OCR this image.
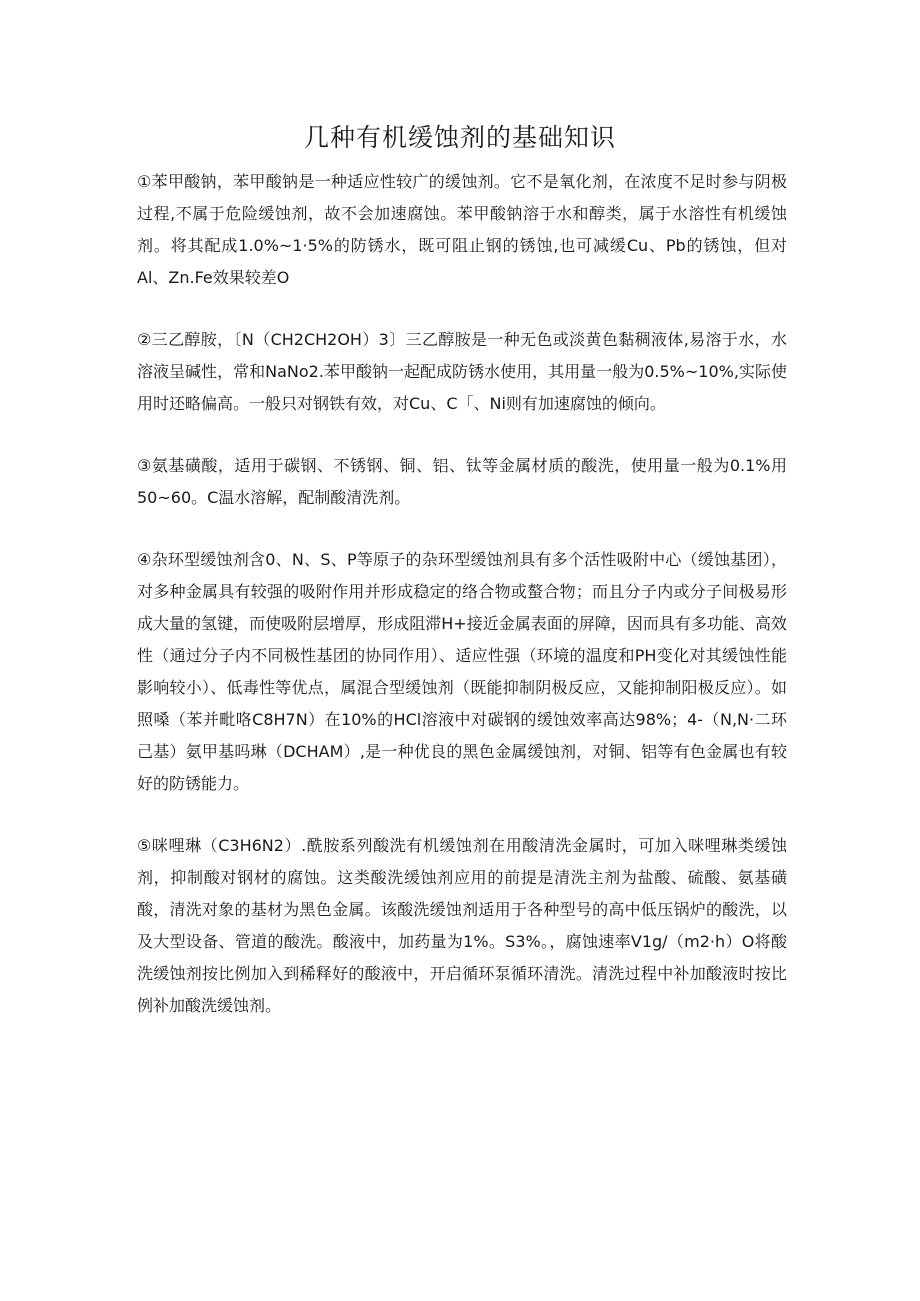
几种有机缓蚀剂的基础知识

①苯甲酸钠，苯甲酸钠是一种适应性较广的缓蚀剂。它不是氧化剂，在浓度不足时参与阴极过程,不属于危险缓蚀剂，故不会加速腐蚀。苯甲酸钠溶于水和醇类，属于水溶性有机缓蚀剂。将其配成1.0%~1·5%的防锈水，既可阻止钢的锈蚀,也可减缓Cu、Pb的锈蚀，但对Al、Zn.Fe效果较差O

②三乙醇胺，〔N（CH2CH2OH）3〕三乙醇胺是一种无色或淡黄色黏稠液体,易溶于水，水溶液呈碱性，常和NaNo2.苯甲酸钠一起配成防锈水使用，其用量一般为0.5%~10%,实际使用时还略偏高。一般只对钢铁有效，对Cu、C「、Ni则有加速腐蚀的倾向。

③氨基磺酸，适用于碳钢、不锈钢、铜、铝、钛等金属材质的酸洗，使用量一般为0.1%用50~60。C温水溶解，配制酸清洗剂。

④杂环型缓蚀剂含0、N、S、P等原子的杂环型缓蚀剂具有多个活性吸附中心（缓蚀基团），对多种金属具有较强的吸附作用并形成稳定的络合物或螯合物；而且分子内或分子间极易形成大量的氢键，而使吸附层增厚，形成阻滞H+接近金属表面的屏障，因而具有多功能、高效性（通过分子内不同极性基团的协同作用）、适应性强（环境的温度和PH变化对其缓蚀性能影响较小）、低毒性等优点，属混合型缓蚀剂（既能抑制阴极反应，又能抑制阳极反应）。如照嗓（苯并毗咯C8H7N）在10%的HCl溶液中对碳钢的缓蚀效率高达98%；4-（N,N·二环己基）氨甲基吗琳（DCHAM）,是一种优良的黑色金属缓蚀剂，对铜、铝等有色金属也有较好的防锈能力。

⑤咪哩琳（C3H6N2）.酰胺系列酸洗有机缓蚀剂在用酸清洗金属时，可加入咪哩琳类缓蚀剂，抑制酸对钢材的腐蚀。这类酸洗缓蚀剂应用的前提是清洗主剂为盐酸、硫酸、氨基磺酸，清洗对象的基材为黑色金属。该酸洗缓蚀剂适用于各种型号的高中低压锅炉的酸洗，以及大型设备、管道的酸洗。酸液中，加药量为1%。S3%。，腐蚀速率V1g∕（m2·h）O将酸洗缓蚀剂按比例加入到稀释好的酸液中，开启循环泵循环清洗。清洗过程中补加酸液时按比例补加酸洗缓蚀剂。
